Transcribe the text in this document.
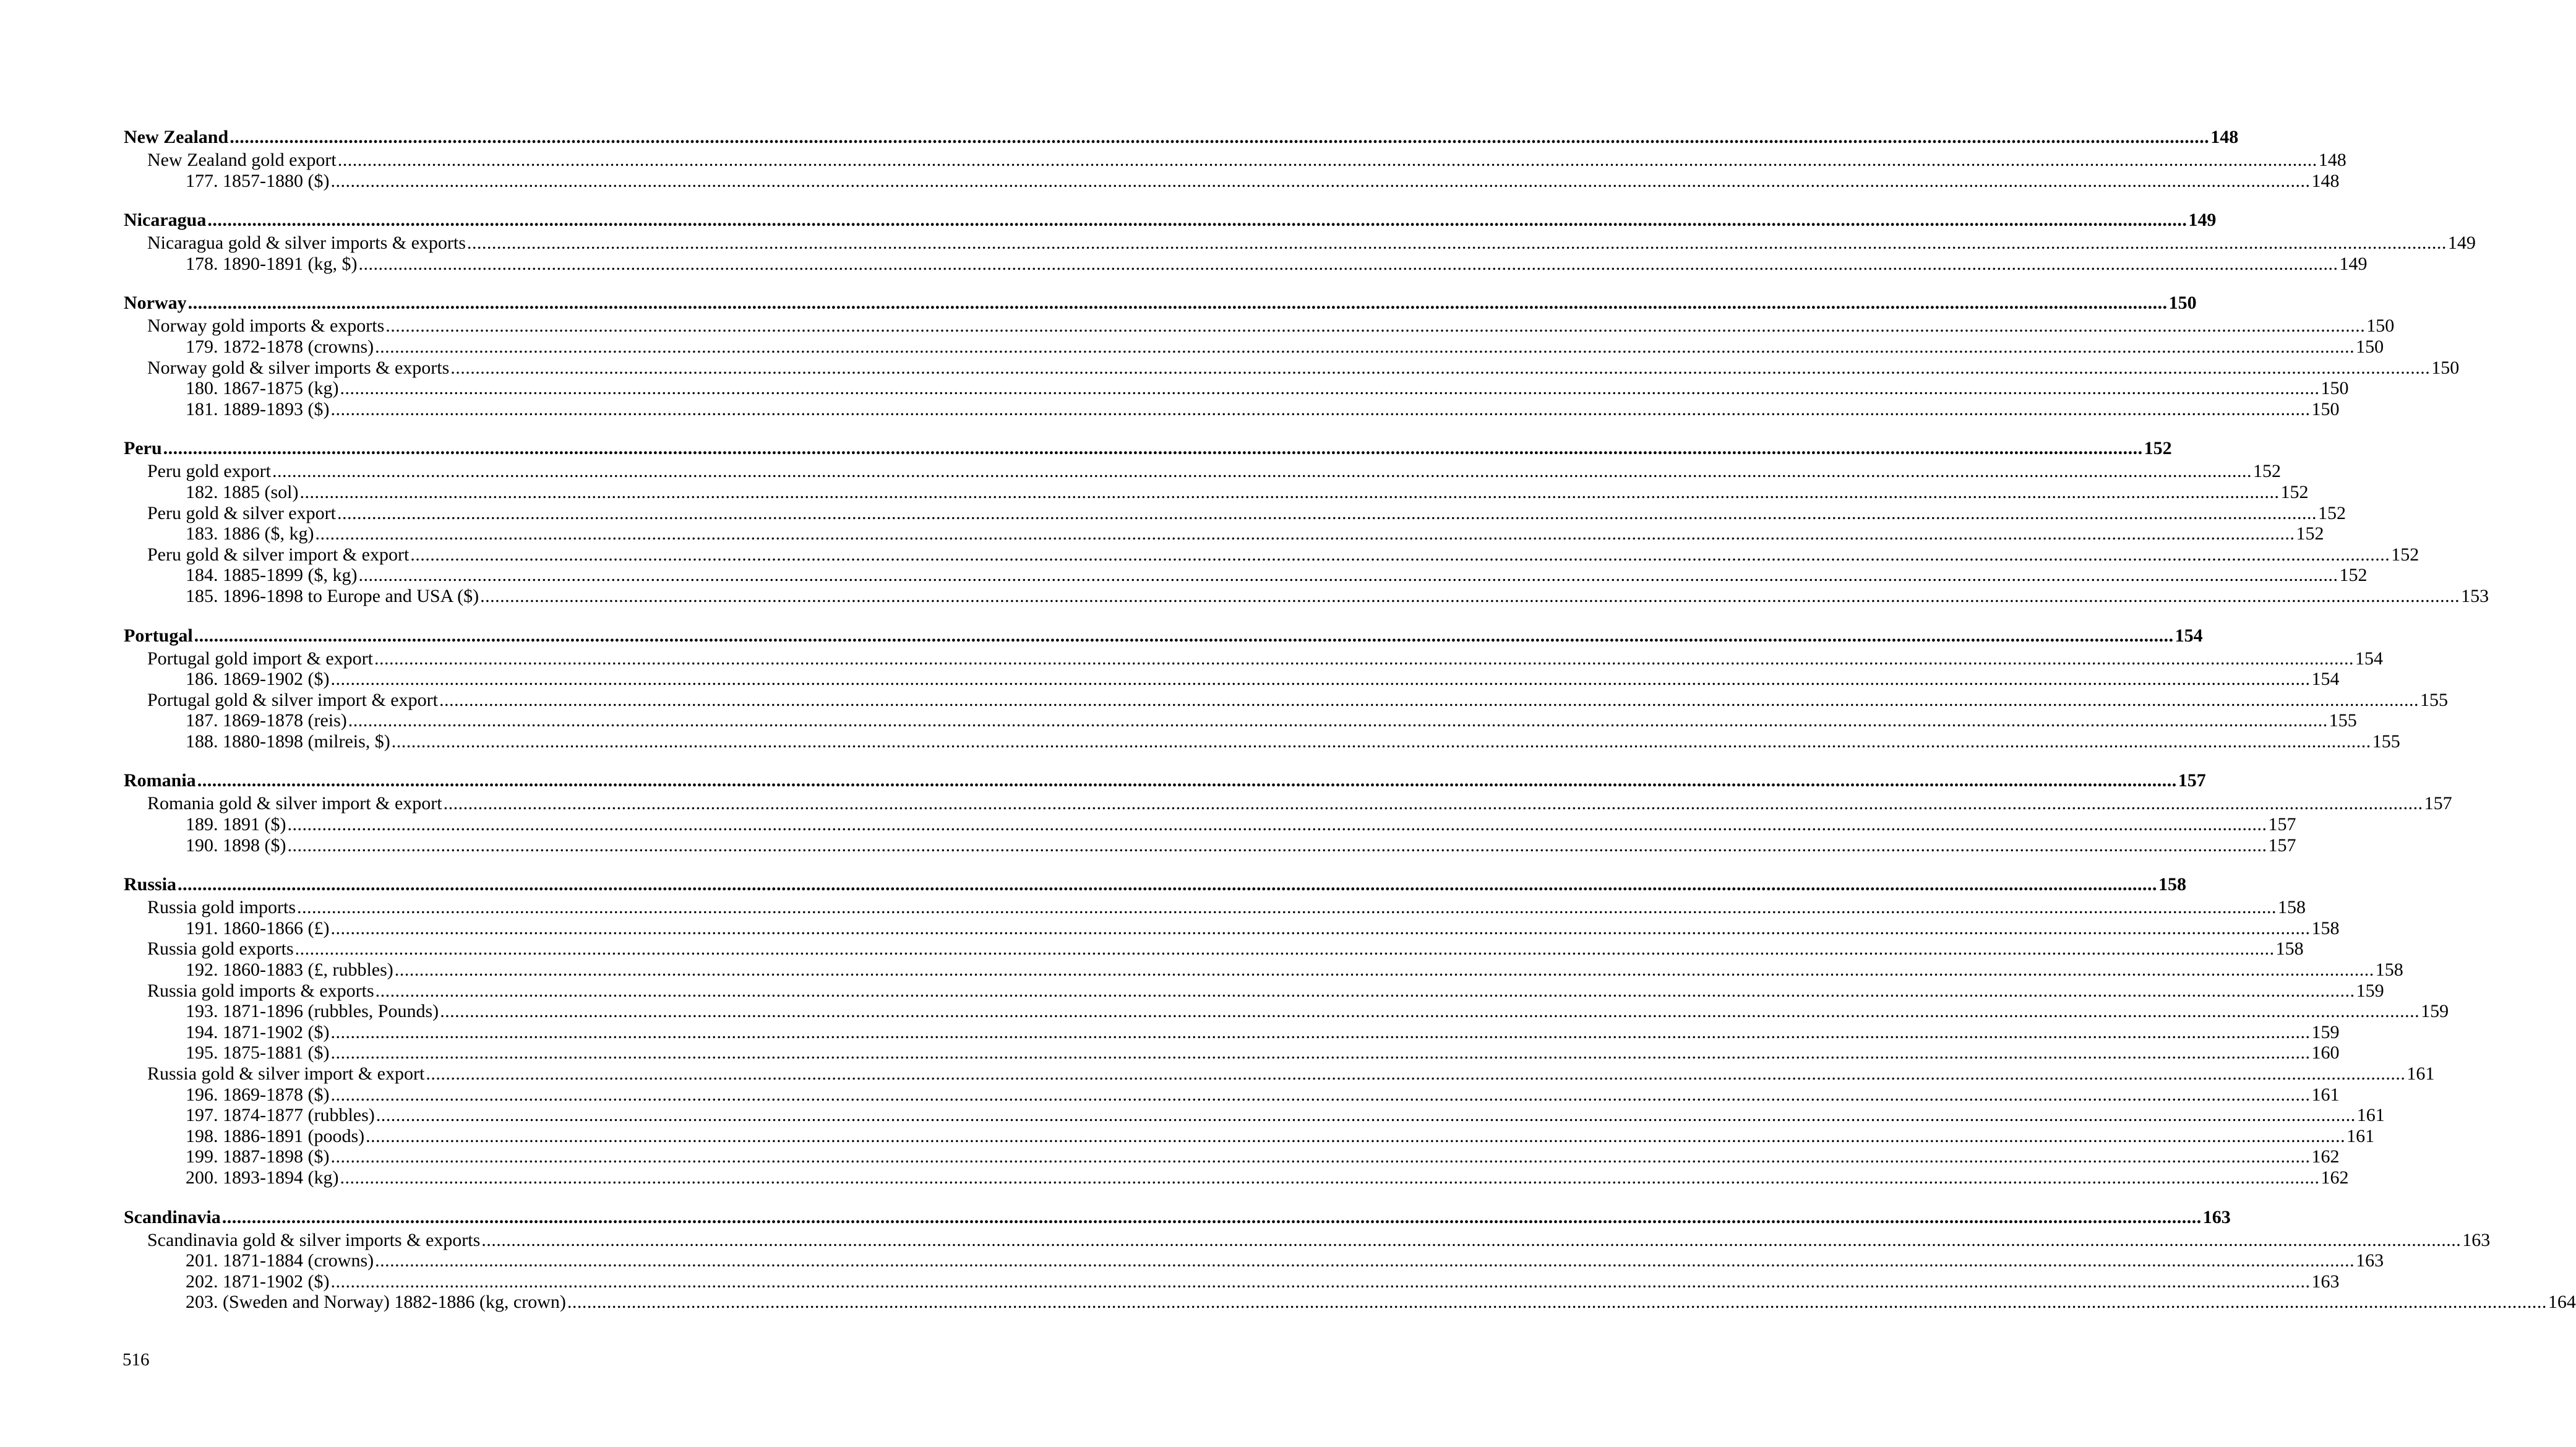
New Zealand ................................................................................................................................................................................................................................................................................................................................................................................................................ 148
New Zealand gold export ................................................................................................................................................................................................................................................................................................................................................................................................................ 148
177. 1857-1880 ($) ................................................................................................................................................................................................................................................................................................................................................................................................................ 148
Nicaragua ................................................................................................................................................................................................................................................................................................................................................................................................................ 149
Nicaragua gold & silver imports & exports ................................................................................................................................................................................................................................................................................................................................................................................................................ 149
178. 1890-1891 (kg, $) ................................................................................................................................................................................................................................................................................................................................................................................................................ 149
Norway ................................................................................................................................................................................................................................................................................................................................................................................................................ 150
Norway gold imports & exports ................................................................................................................................................................................................................................................................................................................................................................................................................ 150
179. 1872-1878 (crowns) ................................................................................................................................................................................................................................................................................................................................................................................................................ 150
Norway gold & silver imports & exports ................................................................................................................................................................................................................................................................................................................................................................................................................ 150
180. 1867-1875 (kg) ................................................................................................................................................................................................................................................................................................................................................................................................................ 150
181. 1889-1893 ($) ................................................................................................................................................................................................................................................................................................................................................................................................................ 150
Peru ................................................................................................................................................................................................................................................................................................................................................................................................................ 152
Peru gold export ................................................................................................................................................................................................................................................................................................................................................................................................................ 152
182. 1885 (sol) ................................................................................................................................................................................................................................................................................................................................................................................................................ 152
Peru gold & silver export ................................................................................................................................................................................................................................................................................................................................................................................................................ 152
183. 1886 ($, kg) ................................................................................................................................................................................................................................................................................................................................................................................................................ 152
Peru gold & silver import & export ................................................................................................................................................................................................................................................................................................................................................................................................................ 152
184. 1885-1899 ($, kg) ................................................................................................................................................................................................................................................................................................................................................................................................................ 152
185. 1896-1898 to Europe and USA ($) ................................................................................................................................................................................................................................................................................................................................................................................................................ 153
Portugal ................................................................................................................................................................................................................................................................................................................................................................................................................ 154
Portugal gold import & export ................................................................................................................................................................................................................................................................................................................................................................................................................ 154
186. 1869-1902 ($) ................................................................................................................................................................................................................................................................................................................................................................................................................ 154
Portugal gold & silver import & export ................................................................................................................................................................................................................................................................................................................................................................................................................ 155
187. 1869-1878 (reis) ................................................................................................................................................................................................................................................................................................................................................................................................................ 155
188. 1880-1898 (milreis, $) ................................................................................................................................................................................................................................................................................................................................................................................................................ 155
Romania ................................................................................................................................................................................................................................................................................................................................................................................................................ 157
Romania gold & silver import & export ................................................................................................................................................................................................................................................................................................................................................................................................................ 157
189. 1891 ($) ................................................................................................................................................................................................................................................................................................................................................................................................................ 157
190. 1898 ($) ................................................................................................................................................................................................................................................................................................................................................................................................................ 157
Russia ................................................................................................................................................................................................................................................................................................................................................................................................................ 158
Russia gold imports ................................................................................................................................................................................................................................................................................................................................................................................................................ 158
191. 1860-1866 (£) ................................................................................................................................................................................................................................................................................................................................................................................................................ 158
Russia gold exports ................................................................................................................................................................................................................................................................................................................................................................................................................ 158
192. 1860-1883 (£, rubbles) ................................................................................................................................................................................................................................................................................................................................................................................................................ 158
Russia gold imports & exports ................................................................................................................................................................................................................................................................................................................................................................................................................ 159
193. 1871-1896 (rubbles, Pounds) ................................................................................................................................................................................................................................................................................................................................................................................................................ 159
194. 1871-1902 ($) ................................................................................................................................................................................................................................................................................................................................................................................................................ 159
195. 1875-1881 ($) ................................................................................................................................................................................................................................................................................................................................................................................................................ 160
Russia gold & silver import & export ................................................................................................................................................................................................................................................................................................................................................................................................................ 161
196. 1869-1878 ($) ................................................................................................................................................................................................................................................................................................................................................................................................................ 161
197. 1874-1877 (rubbles) ................................................................................................................................................................................................................................................................................................................................................................................................................ 161
198. 1886-1891 (poods) ................................................................................................................................................................................................................................................................................................................................................................................................................ 161
199. 1887-1898 ($) ................................................................................................................................................................................................................................................................................................................................................................................................................ 162
200. 1893-1894 (kg) ................................................................................................................................................................................................................................................................................................................................................................................................................ 162
Scandinavia ................................................................................................................................................................................................................................................................................................................................................................................................................ 163
Scandinavia gold & silver imports & exports ................................................................................................................................................................................................................................................................................................................................................................................................................ 163
201. 1871-1884 (crowns) ................................................................................................................................................................................................................................................................................................................................................................................................................ 163
202. 1871-1902 ($) ................................................................................................................................................................................................................................................................................................................................................................................................................ 163
203. (Sweden and Norway) 1882-1886 (kg, crown) ................................................................................................................................................................................................................................................................................................................................................................................................................ 164
516
